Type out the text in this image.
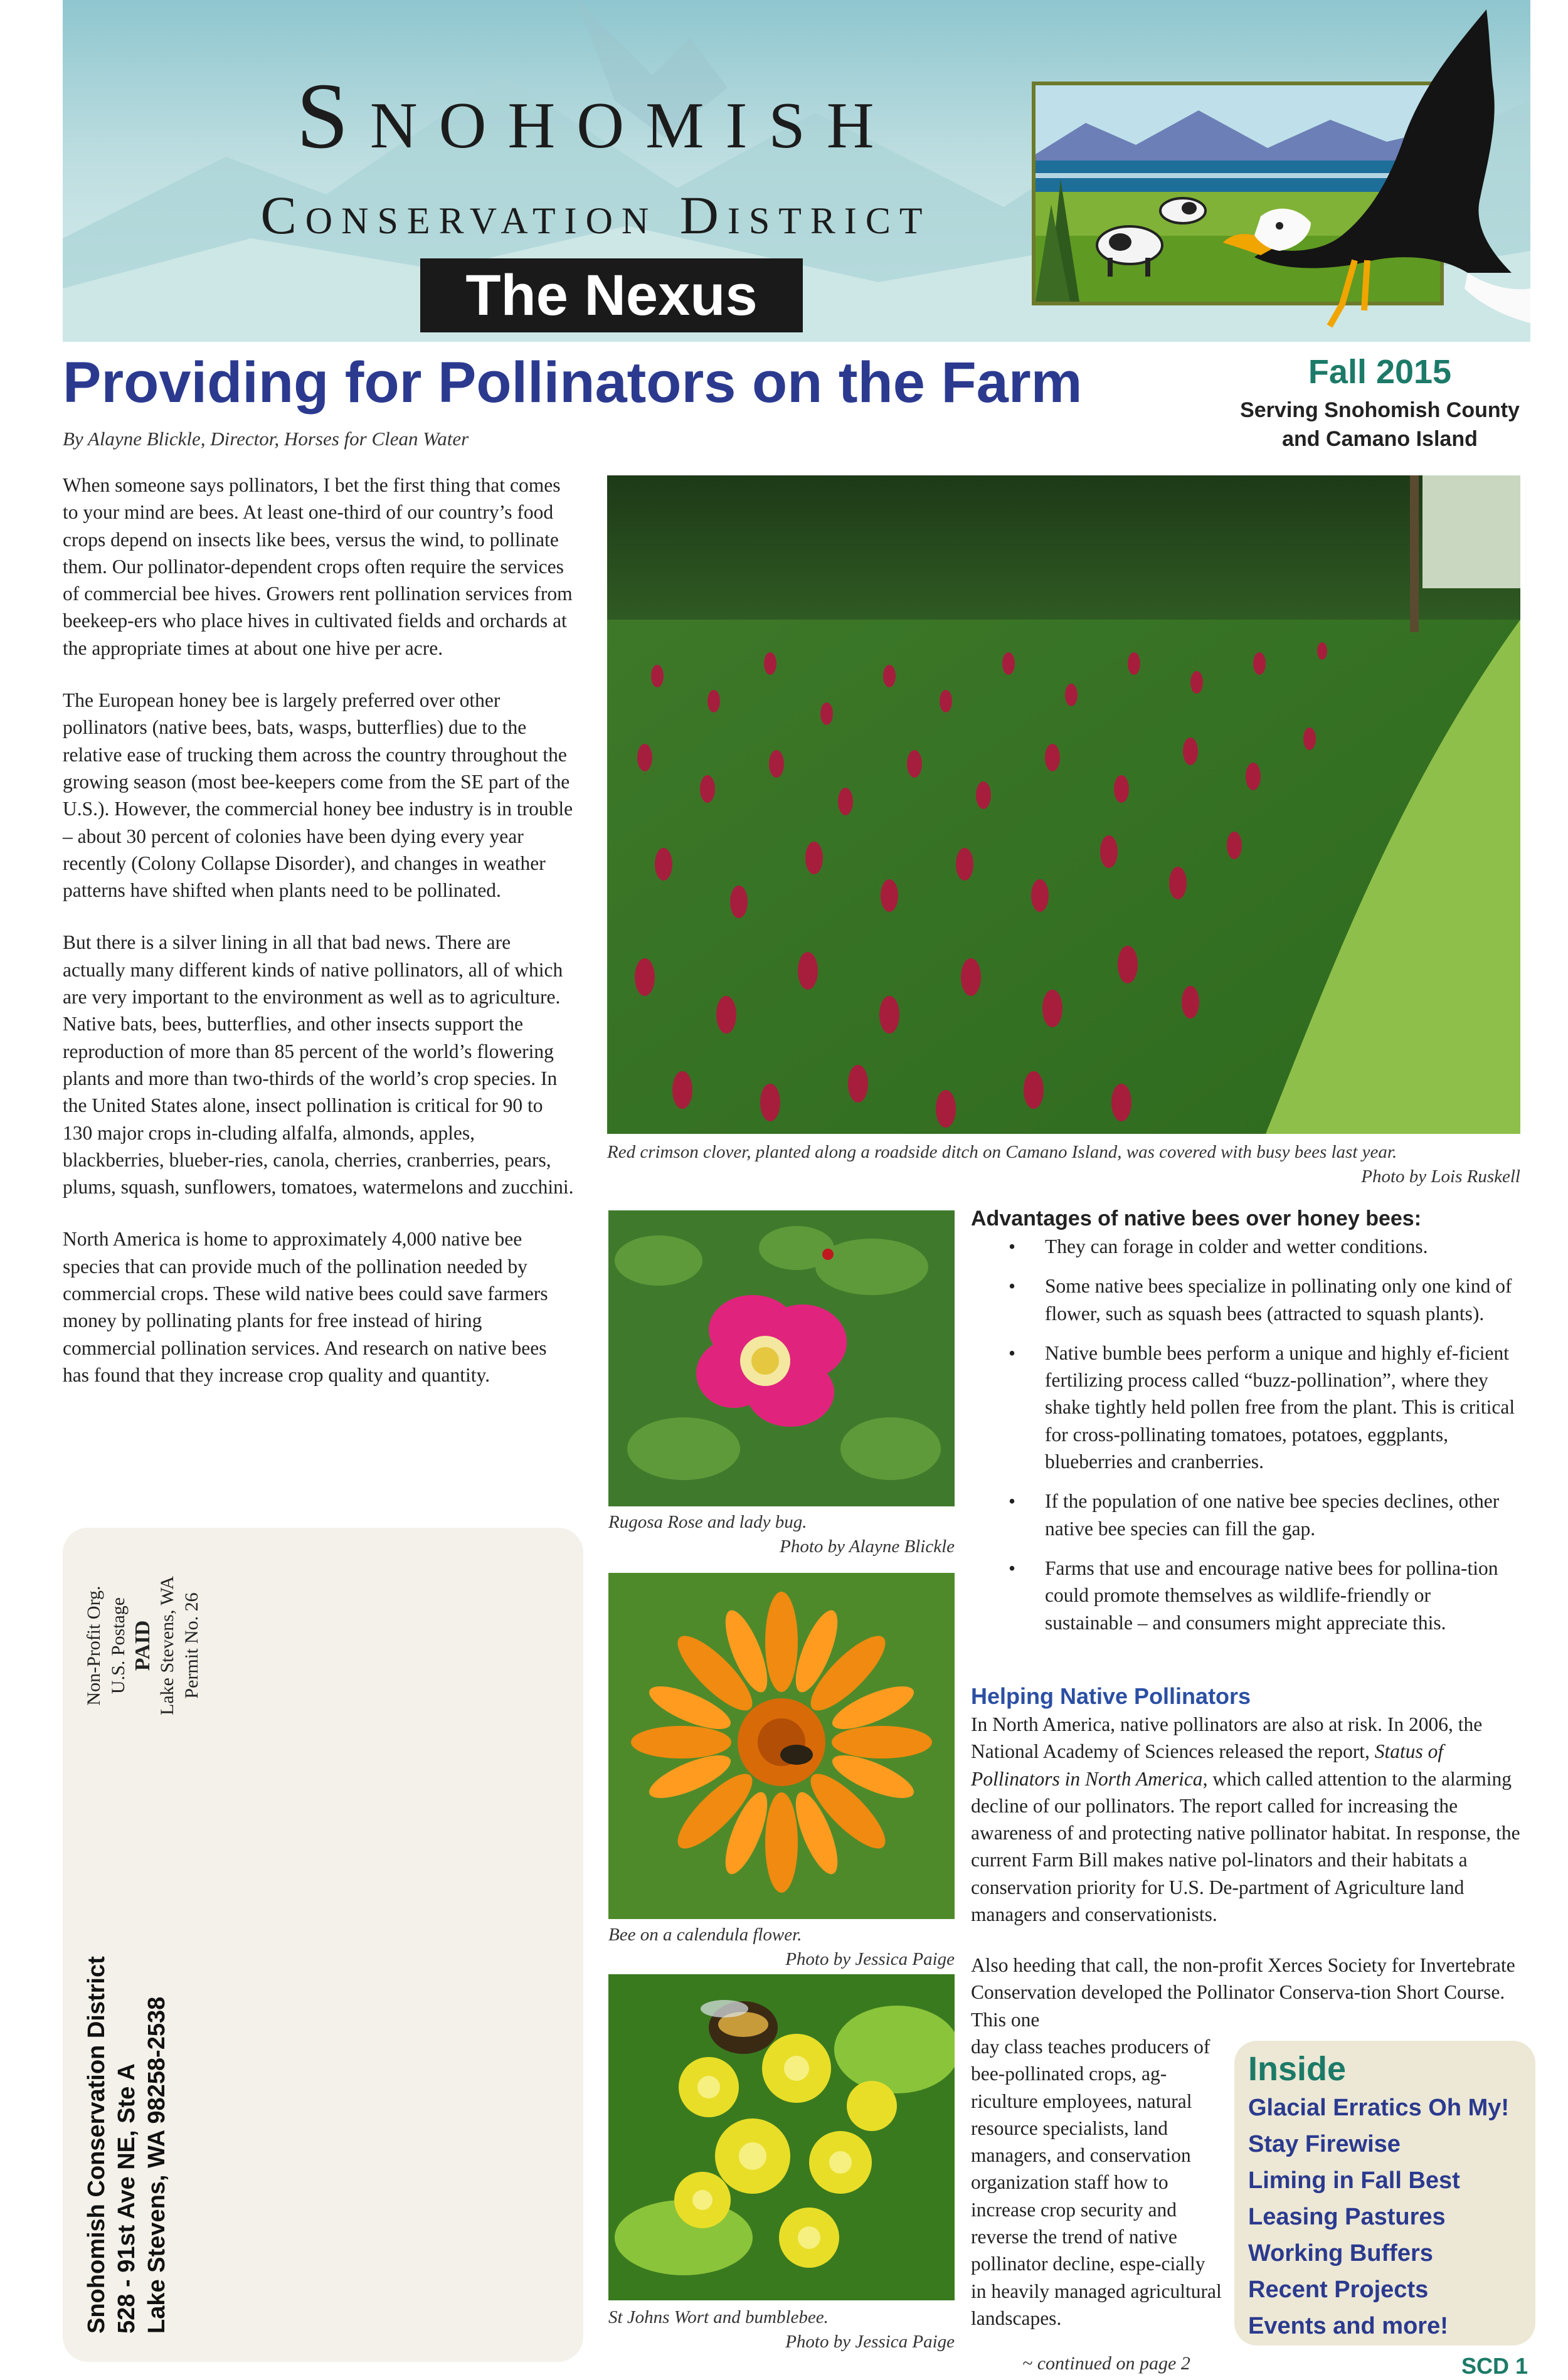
Snohomish
Conservation District
The Nexus
Providing for Pollinators on the Farm
By Alayne Blickle, Director, Horses for Clean Water
Fall 2015
Serving Snohomish County
and Camano Island

When someone says pollinators, I bet the first thing that comes to your mind are bees. At least one-third of our country’s food crops depend on insects like bees, versus the wind, to pollinate them. Our pollinator-dependent crops often require the services of commercial bee hives. Growers rent pollination services from beekeep-ers who place hives in cultivated fields and orchards at the appropriate times at about one hive per acre.

The European honey bee is largely preferred over other pollinators (native bees, bats, wasps, butterflies) due to the relative ease of trucking them across the country throughout the growing season (most bee-keepers come from the SE part of the U.S.). However, the commercial honey bee industry is in trouble – about 30 percent of colonies have been dying every year recently (Colony Collapse Disorder), and changes in weather patterns have shifted when plants need to be pollinated.

But there is a silver lining in all that bad news. There are actually many different kinds of native pollinators, all of which are very important to the environment as well as to agriculture. Native bats, bees, butterflies, and other insects support the reproduction of more than 85 percent of the world’s flowering plants and more than two-thirds of the world’s crop species. In the United States alone, insect pollination is critical for 90 to 130 major crops in-cluding alfalfa, almonds, apples, blackberries, blueber-ries, canola, cherries, cranberries, pears, plums, squash, sunflowers, tomatoes, watermelons and zucchini.

North America is home to approximately 4,000 native bee species that can provide much of the pollination needed by commercial crops. These wild native bees could save farmers money by pollinating plants for free instead of hiring commercial pollination services. And research on native bees has found that they increase crop quality and quantity.

Red crimson clover, planted along a roadside ditch on Camano Island, was covered with busy bees last year.
Photo by Lois Ruskell
Rugosa Rose and lady bug.
Photo by Alayne Blickle
Bee on a calendula flower.
Photo by Jessica Paige
St Johns Wort and bumblebee.
Photo by Jessica Paige
Non-Profit Org. U.S. Postage PAID Lake Stevens, WA Permit No. 26
Snohomish Conservation District 528 - 91st Ave NE, Ste A Lake Stevens, WA 98258-2538
Advantages of native bees over honey bees:
• They can forage in colder and wetter conditions.
• Some native bees specialize in pollinating only one kind of flower, such as squash bees (attracted to squash plants).
• Native bumble bees perform a unique and highly ef-ficient fertilizing process called “buzz-pollination”, where they shake tightly held pollen free from the plant. This is critical for cross-pollinating tomatoes, potatoes, eggplants, blueberries and cranberries.
• If the population of one native bee species declines, other native bee species can fill the gap.
• Farms that use and encourage native bees for pollina-tion could promote themselves as wildlife-friendly or sustainable – and consumers might appreciate this.
Helping Native Pollinators
In North America, native pollinators are also at risk. In 2006, the National Academy of Sciences released the report, Status of Pollinators in North America, which called attention to the alarming decline of our pollinators. The report called for increasing the awareness of and protecting native pollinator habitat. In response, the current Farm Bill makes native pol-linators and their habitats a conservation priority for U.S. De-partment of Agriculture land managers and conservationists.
Also heeding that call, the non-profit Xerces Society for Invertebrate Conservation developed the Pollinator Conserva-tion Short Course. This one
day class teaches producers of bee-pollinated crops, ag-riculture employees, natural resource specialists, land managers, and conservation organization staff how to increase crop security and reverse the trend of native pollinator decline, espe-cially in heavily managed agricultural landscapes.
Inside
Glacial Erratics Oh My!
Stay Firewise
Liming in Fall Best
Leasing Pastures
Working Buffers
Recent Projects
Events and more!
~ continued on page 2	SCD 1
